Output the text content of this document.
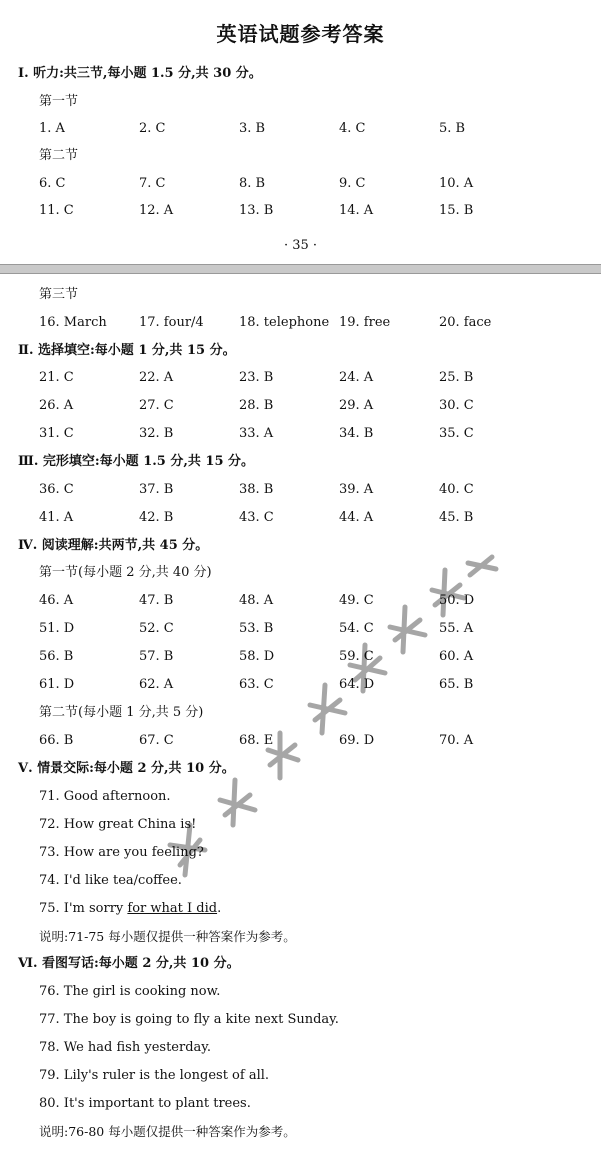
英语试题参考答案
Ⅰ. 听力:共三节,每小题 1.5 分,共 30 分。
第一节
1. A	2. C	3. B	4. C	5. B
第二节
6. C	7. C	8. B	9. C	10. A
11. C	12. A	13. B	14. A	15. B
· 35 ·
第三节
16. March 17. four/4	18. telephone 19. free	20. face
Ⅱ. 选择填空:每小题 1 分,共 15 分。
21. C	22. A	23. B	24. A	25. B
26. A	27. C	28. B	29. A	30. C
31. C	32. B	33. A	34. B	35. C
Ⅲ. 完形填空:每小题 1.5 分,共 15 分。
36. C	37. B	38. B	39. A	40. C
41. A	42. B	43. C	44. A	45. B
Ⅳ. 阅读理解:共两节,共 45 分。
第一节(每小题 2 分,共 40 分)
46. A	47. B	48. A	49. C	50. D
51. D	52. C	53. B	54. C	55. A
56. B	57. B	58. D	59. C	60. A
61. D	62. A	63. C	64. D	65. B
第二节(每小题 1 分,共 5 分)
66. B	67. C	68. E	69. D	70. A
Ⅴ. 情景交际:每小题 2 分,共 10 分。
71. Good afternoon.
72. How great China is!
73. How are you feeling?
74. I'd like tea/coffee.
75. I'm sorry for what I did.
说明:71-75 每小题仅提供一种答案作为参考。
Ⅵ. 看图写话:每小题 2 分,共 10 分。
76. The girl is cooking now.
77. The boy is going to fly a kite next Sunday.
78. We had fish yesterday.
79. Lily's ruler is the longest of all.
80. It's important to plant trees.
说明:76-80 每小题仅提供一种答案作为参考。
